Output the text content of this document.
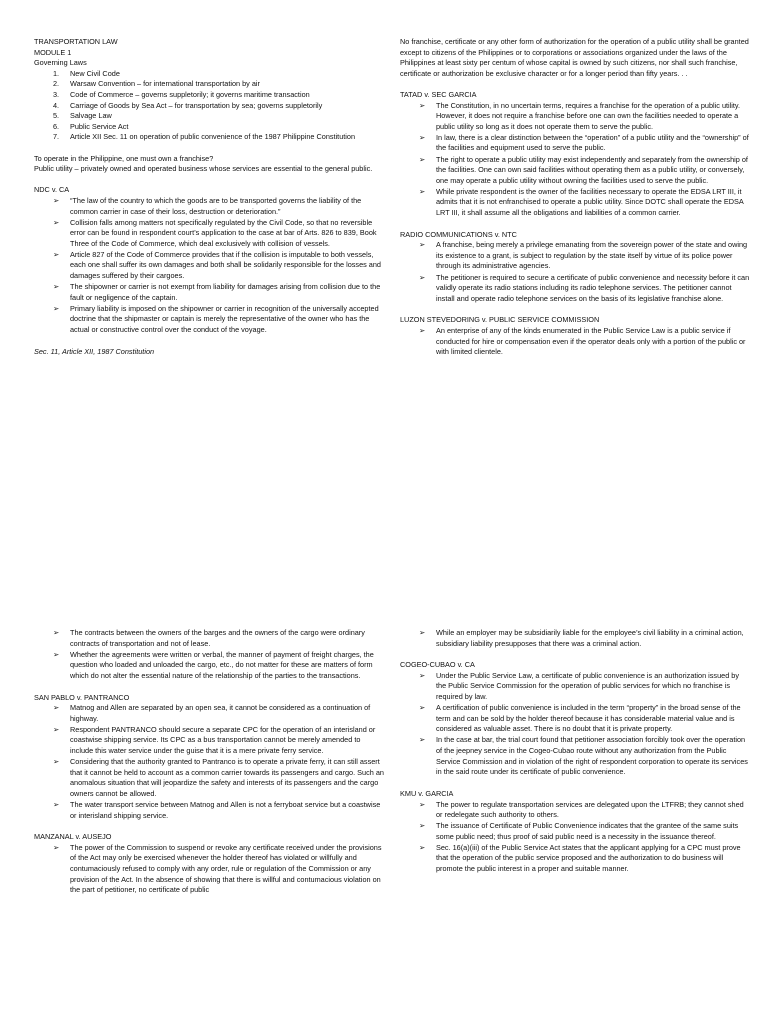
TRANSPORTATION LAW

MODULE 1

Governing Laws

1. New Civil Code
2. Warsaw Convention – for international transportation by air
3. Code of Commerce – governs suppletorily; it governs maritime transaction
4. Carriage of Goods by Sea Act – for transportation by sea; governs suppletorily
5. Salvage Law
6. Public Service Act
7. Article XII Sec. 11 on operation of public convenience of the 1987 Philippine Constitution

To operate in the Philippine, one must own a franchise?

Public utility – privately owned and operated business whose services are essential to the general public.

NDC v. CA

➢ “The law of the country to which the goods are to be transported governs the liability of the common carrier in case of their loss, destruction or deterioration.”
➢ Collision falls among matters not specifically regulated by the Civil Code, so that no reversible error can be found in respondent court’s application to the case at bar of Arts. 826 to 839, Book Three of the Code of Commerce, which deal exclusively with collision of vessels.
➢ Article 827 of the Code of Commerce provides that if the collision is imputable to both vessels, each one shall suffer its own damages and both shall be solidarily responsible for the losses and damages suffered by their cargoes.
➢ The shipowner or carrier is not exempt from liability for damages arising from collision due to the fault or negligence of the captain.
➢ Primary liability is imposed on the shipowner or carrier in recognition of the universally accepted doctrine that the shipmaster or captain is merely the representative of the owner who has the actual or constructive control over the conduct of the voyage.

Sec. 11, Article XII, 1987 Constitution

No franchise, certificate or any other form of authorization for the operation of a public utility shall be granted except to citizens of the Philippines or to corporations or associations organized under the laws of the Philippines at least sixty per centum of whose capital is owned by such citizens, nor shall such franchise, certificate or authorization be exclusive character or for a longer period than fifty years. . .

TATAD v. SEC GARCIA

➢ The Constitution, in no uncertain terms, requires a franchise for the operation of a public utility. However, it does not require a franchise before one can own the facilities needed to operate a public utility so long as it does not operate them to serve the public.
➢ In law, there is a clear distinction between the “operation” of a public utility and the “ownership” of the facilities and equipment used to serve the public.
➢ The right to operate a public utility may exist independently and separately from the ownership of the facilities. One can own said facilities without operating them as a public utility, or conversely, one may operate a public utility without owning the facilities used to serve the public.
➢ While private respondent is the owner of the facilities necessary to operate the EDSA LRT III, it admits that it is not enfranchised to operate a public utility. Since DOTC shall operate the EDSA LRT III, it shall assume all the obligations and liabilities of a common carrier.

RADIO COMMUNICATIONS v. NTC

➢ A franchise, being merely a privilege emanating from the sovereign power of the state and owing its existence to a grant, is subject to regulation by the state itself by virtue of its police power through its administrative agencies.
➢ The petitioner is required to secure a certificate of public convenience and necessity before it can validly operate its radio stations including its radio telephone services. The petitioner cannot install and operate radio telephone services on the basis of its legislative franchise alone.

LUZON STEVEDORING v. PUBLIC SERVICE COMMISSION

➢ An enterprise of any of the kinds enumerated in the Public Service Law is a public service if conducted for hire or compensation even if the operator deals only with a portion of the public or with limited clientele.
➢ The contracts between the owners of the barges and the owners of the cargo were ordinary contracts of transportation and not of lease.
➢ Whether the agreements were written or verbal, the manner of payment of freight charges, the question who loaded and unloaded the cargo, etc., do not matter for these are matters of form which do not alter the essential nature of the relationship of the parties to the transactions.

SAN PABLO v. PANTRANCO

➢ Matnog and Allen are separated by an open sea, it cannot be considered as a continuation of highway.
➢ Respondent PANTRANCO should secure a separate CPC for the operation of an interisland or coastwise shipping service. Its CPC as a bus transportation cannot be merely amended to include this water service under the guise that it is a mere private ferry service.
➢ Considering that the authority granted to Pantranco is to operate a private ferry, it can still assert that it cannot be held to account as a common carrier towards its passengers and cargo. Such an anomalous situation that will jeopardize the safety and interests of its passengers and the cargo owners cannot be allowed.
➢ The water transport service between Matnog and Allen is not a ferryboat service but a coastwise or interisland shipping service.

MANZANAL v. AUSEJO

➢ The power of the Commission to suspend or revoke any certificate received under the provisions of the Act may only be exercised whenever the holder thereof has violated or willfully and contumaciously refused to comply with any order, rule or regulation of the Commission or any provision of the Act. In the absence of showing that there is willful and contumacious violation on the part of petitioner, no certificate of public
➢ While an employer may be subsidiarily liable for the employee’s civil liability in a criminal action, subsidiary liability presupposes that there was a criminal action.

COGEO-CUBAO v. CA

➢ Under the Public Service Law, a certificate of public convenience is an authorization issued by the Public Service Commission for the operation of public services for which no franchise is required by law.
➢ A certification of public convenience is included in the term “property” in the broad sense of the term and can be sold by the holder thereof because it has considerable material value and is considered as valuable asset. There is no doubt that it is private property.
➢ In the case at bar, the trial court found that petitioner association forcibly took over the operation of the jeepney service in the Cogeo-Cubao route without any authorization from the Public Service Commission and in violation of the right of respondent corporation to operate its services in the said route under its certificate of public convenience.

KMU v. GARCIA

➢ The power to regulate transportation services are delegated upon the LTFRB; they cannot shed or redelegate such authority to others.
➢ The issuance of Certificate of Public Convenience indicates that the grantee of the same suits some public need; thus proof of said public need is a necessity in the issuance thereof.
➢ Sec. 16(a)(iii) of the Public Service Act states that the applicant applying for a CPC must prove that the operation of the public service proposed and the authorization to do business will promote the public interest in a proper and suitable manner.
